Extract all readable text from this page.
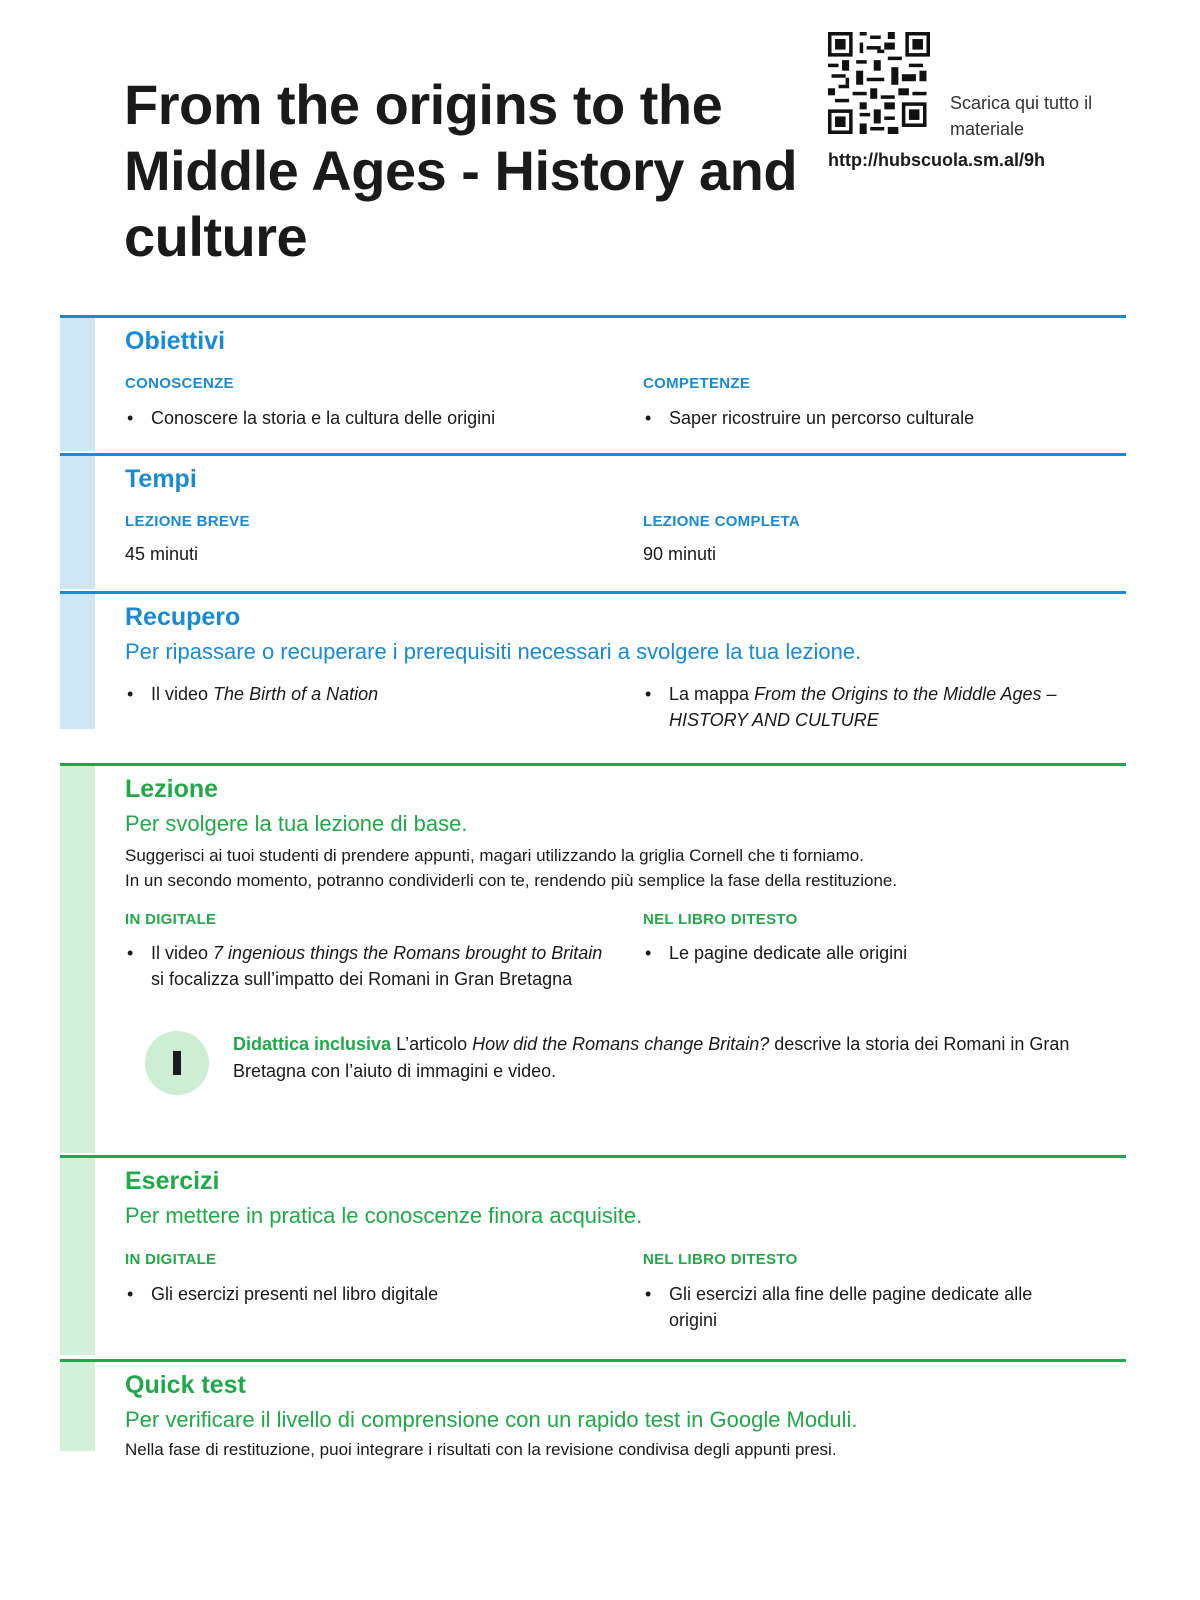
From the origins to the Middle Ages - History and culture
Scarica qui tutto il materiale
http://hubscuola.sm.al/9h
Obiettivi
CONOSCENZE	COMPETENZE
• Conoscere la storia e la cultura delle origini	• Saper ricostruire un percorso culturale
Tempi
LEZIONE BREVE	LEZIONE COMPLETA
45 minuti	90 minuti
Recupero
Per ripassare o recuperare i prerequisiti necessari a svolgere la tua lezione.
• Il video The Birth of a Nation	• La mappa From the Origins to the Middle Ages –
HISTORY AND CULTURE
Lezione
Per svolgere la tua lezione di base.
Suggerisci ai tuoi studenti di prendere appunti, magari utilizzando la griglia Cornell che ti forniamo.
In un secondo momento, potranno condividerli con te, rendendo più semplice la fase della restituzione.
IN DIGITALE	NEL LIBRO DITESTO
• Il video 7 ingenious things the Romans brought to Britain si focalizza sull’impatto dei Romani in Gran Bretagna
• Le pagine dedicate alle origini
Didattica inclusiva L’articolo How did the Romans change Britain? descrive la storia dei Romani in Gran Bretagna con l’aiuto di immagini e video.
Esercizi
Per mettere in pratica le conoscenze finora acquisite.
IN DIGITALE	NEL LIBRO DITESTO
• Gli esercizi presenti nel libro digitale	• Gli esercizi alla fine delle pagine dedicate alle origini
Quick test
Per verificare il livello di comprensione con un rapido test in Google Moduli.
Nella fase di restituzione, puoi integrare i risultati con la revisione condivisa degli appunti presi.
